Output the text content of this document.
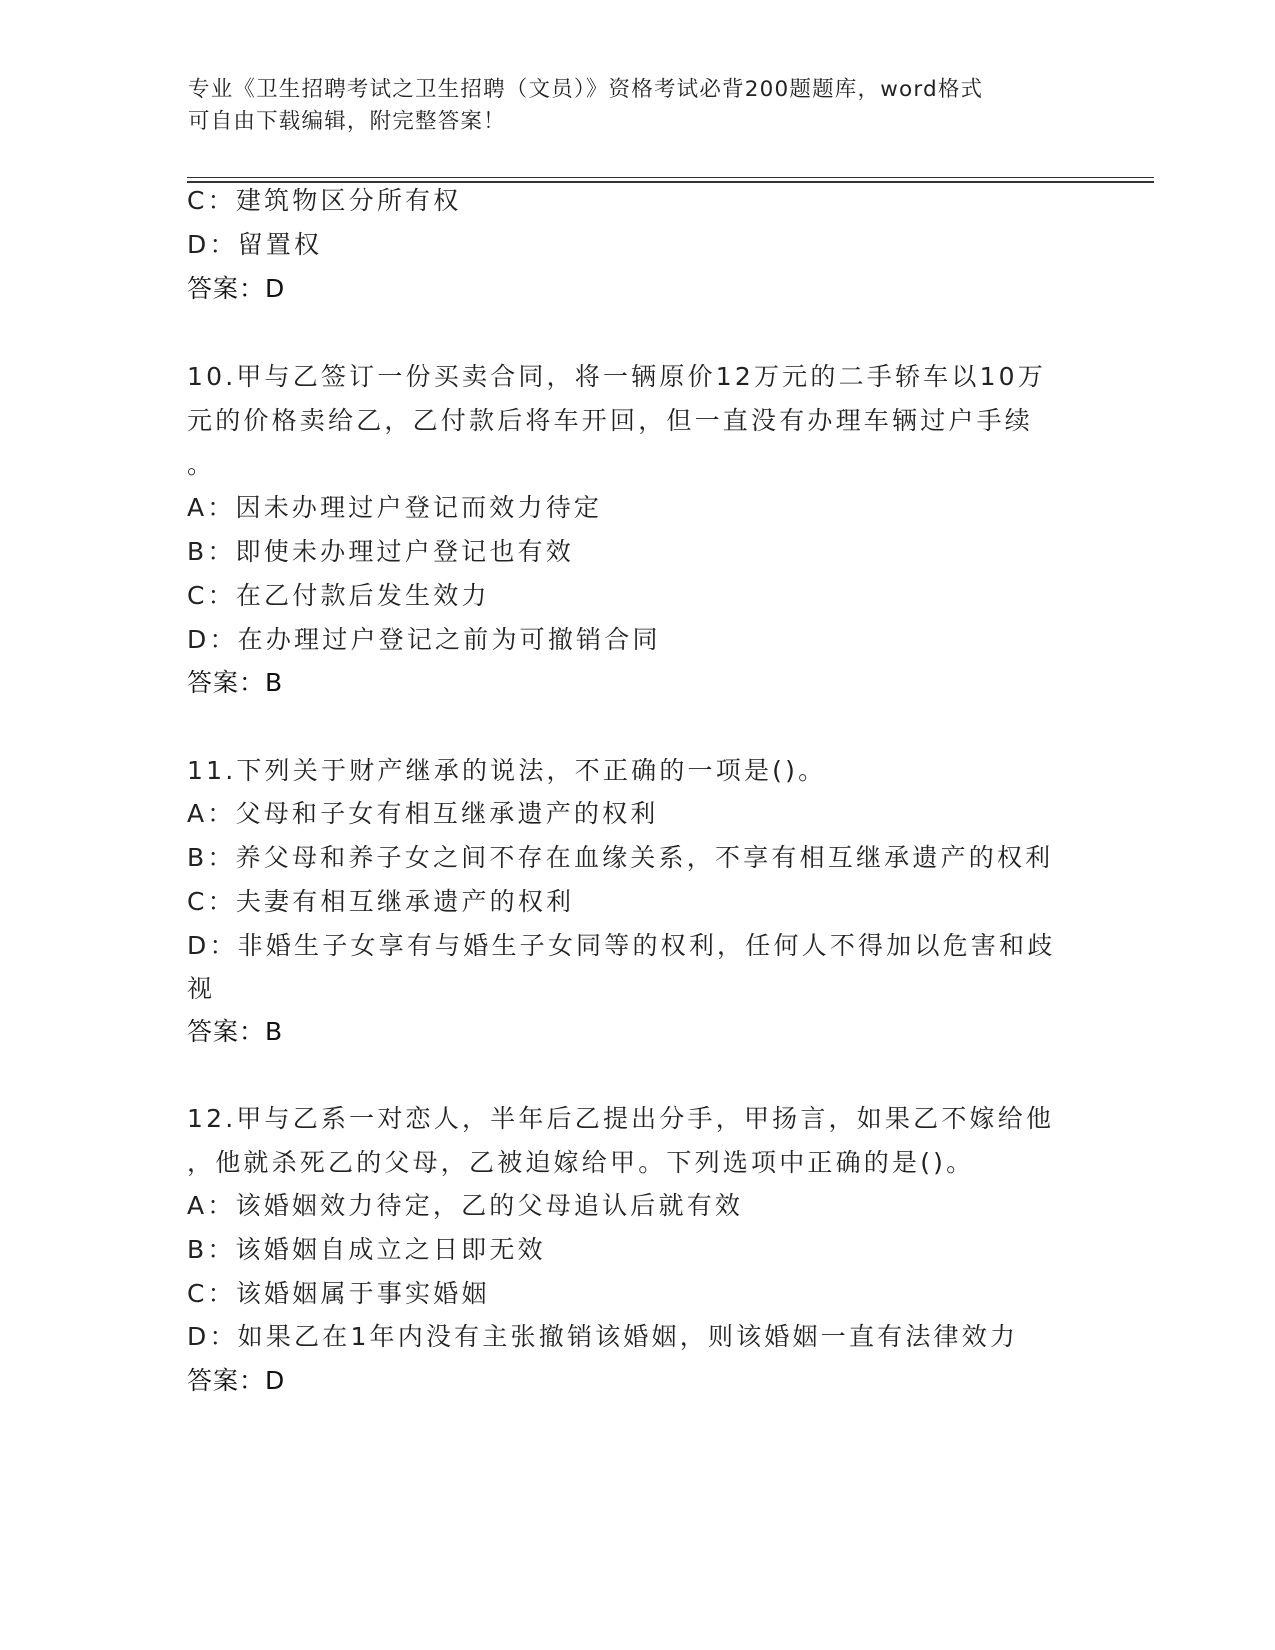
专业《卫生招聘考试之卫生招聘（文员）》资格考试必背200题题库，word格式
可自由下载编辑，附完整答案！
C：建筑物区分所有权
D：留置权
答案：D
10.甲与乙签订一份买卖合同，将一辆原价12万元的二手轿车以10万
元的价格卖给乙，乙付款后将车开回，但一直没有办理车辆过户手续
。
A：因未办理过户登记而效力待定
B：即使未办理过户登记也有效
C：在乙付款后发生效力
D：在办理过户登记之前为可撤销合同
答案：B
11.下列关于财产继承的说法，不正确的一项是()。
A：父母和子女有相互继承遗产的权利
B：养父母和养子女之间不存在血缘关系，不享有相互继承遗产的权利
C：夫妻有相互继承遗产的权利
D：非婚生子女享有与婚生子女同等的权利，任何人不得加以危害和歧
视
答案：B
12.甲与乙系一对恋人，半年后乙提出分手，甲扬言，如果乙不嫁给他
，他就杀死乙的父母，乙被迫嫁给甲。下列选项中正确的是()。
A：该婚姻效力待定，乙的父母追认后就有效
B：该婚姻自成立之日即无效
C：该婚姻属于事实婚姻
D：如果乙在1年内没有主张撤销该婚姻，则该婚姻一直有法律效力
答案：D
